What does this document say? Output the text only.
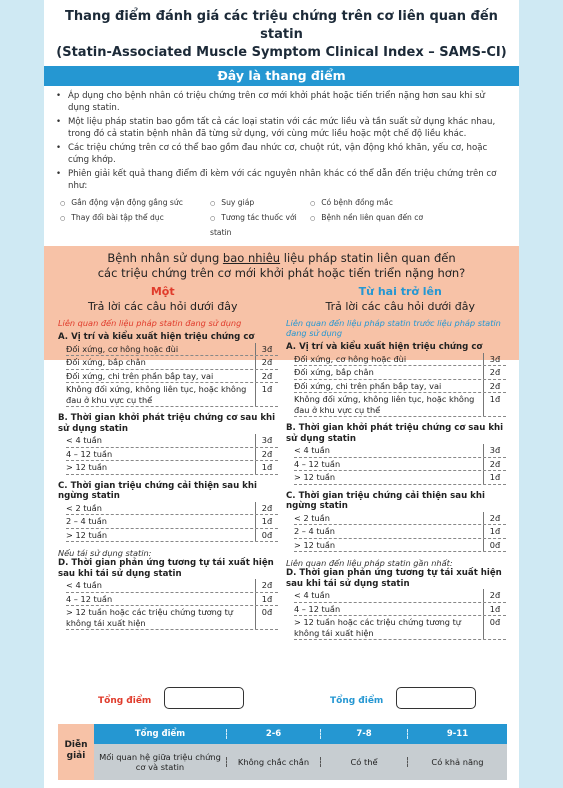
Thang điểm đánh giá các triệu chứng trên cơ liên quan đến statin
(Statin-Associated Muscle Symptom Clinical Index – SAMS-CI)
Đây là thang điểm
• Áp dụng cho bệnh nhân có triệu chứng trên cơ mới khởi phát hoặc tiến triển nặng hơn sau khi sử dụng statin.
• Một liệu pháp statin bao gồm tất cả các loại statin với các mức liều và tần suất sử dụng khác nhau, trong đó cả statin bệnh nhân đã từng sử dụng, với cùng mức liều hoặc một chế độ liều khác.
• Các triệu chứng trên cơ có thể bao gồm đau nhức cơ, chuột rút, vận động khó khăn, yếu cơ, hoặc cứng khớp.
• Phiên giải kết quả thang điểm đi kèm với các nguyên nhân khác có thể dẫn đến triệu chứng trên cơ như:
○ Gắn động vận động gắng sức	○ Suy giáp	○ Có bệnh đồng mắc
○ Thay đổi bài tập thể dục	○ Tương tác thuốc với statin
○ Bệnh nền liên quan đến cơ
Bệnh nhân sử dụng bao nhiêu liệu pháp statin liên quan đến
các triệu chứng trên cơ mới khởi phát hoặc tiến triển nặng hơn?
Một
Trả lời các câu hỏi dưới đây
Từ hai trở lên
Trả lời các câu hỏi dưới đây
Liên quan đến liệu pháp statin đang sử dụng
A. Vị trí và kiểu xuất hiện triệu chứng cơ
Đối xứng, cơ hông hoặc đùi	3đ
Đối xứng, bắp chân	2đ
Đối xứng, chi trên phần bắp tay, vai	2đ
Không đối xứng, không liên tục, hoặc không đau ở khu vực cụ thể
1đ
B. Thời gian khởi phát triệu chứng cơ sau khi sử dụng statin
< 4 tuần	3đ
4 – 12 tuần	2đ
> 12 tuần	1đ
C. Thời gian triệu chứng cải thiện sau khi ngừng statin
< 2 tuần	2đ
2 – 4 tuần	1đ
> 12 tuần	0đ
Nếu tái sử dụng statin:
D. Thời gian phản ứng tương tự tái xuất hiện sau khi tái sử dụng statin
< 4 tuần	2đ
4 – 12 tuần	1đ
> 12 tuần hoặc các triệu chứng tương tự không tái xuất hiện
0đ
Liên quan đến liệu pháp statin trước liệu pháp statin đang sử dụng
A. Vị trí và kiểu xuất hiện triệu chứng cơ
Đối xứng, cơ hông hoặc đùi	3đ
Đối xứng, bắp chân	2đ
Đối xứng, chi trên phần bắp tay, vai	2đ
Không đối xứng, không liên tục, hoặc không đau ở khu vực cụ thể
1đ
B. Thời gian khởi phát triệu chứng cơ sau khi sử dụng statin
< 4 tuần	3đ
4 – 12 tuần	2đ
> 12 tuần	1đ
C. Thời gian triệu chứng cải thiện sau khi ngừng statin
< 2 tuần	2đ
2 – 4 tuần	1đ
> 12 tuần	0đ
Liên quan đến liệu pháp statin gần nhất:
D. Thời gian phản ứng tương tự tái xuất hiện sau khi tái sử dụng statin
< 4 tuần	2đ
4 – 12 tuần	1đ
> 12 tuần hoặc các triệu chứng tương tự không tái xuất hiện
0đ
Tổng điểm	Tổng điểm
Diễn giải
Tổng điểm	2-6	7-8	9-11
Mối quan hệ giữa triệu chứng cơ và statin	Không chắc chắn	Có thể	Có khả năng
